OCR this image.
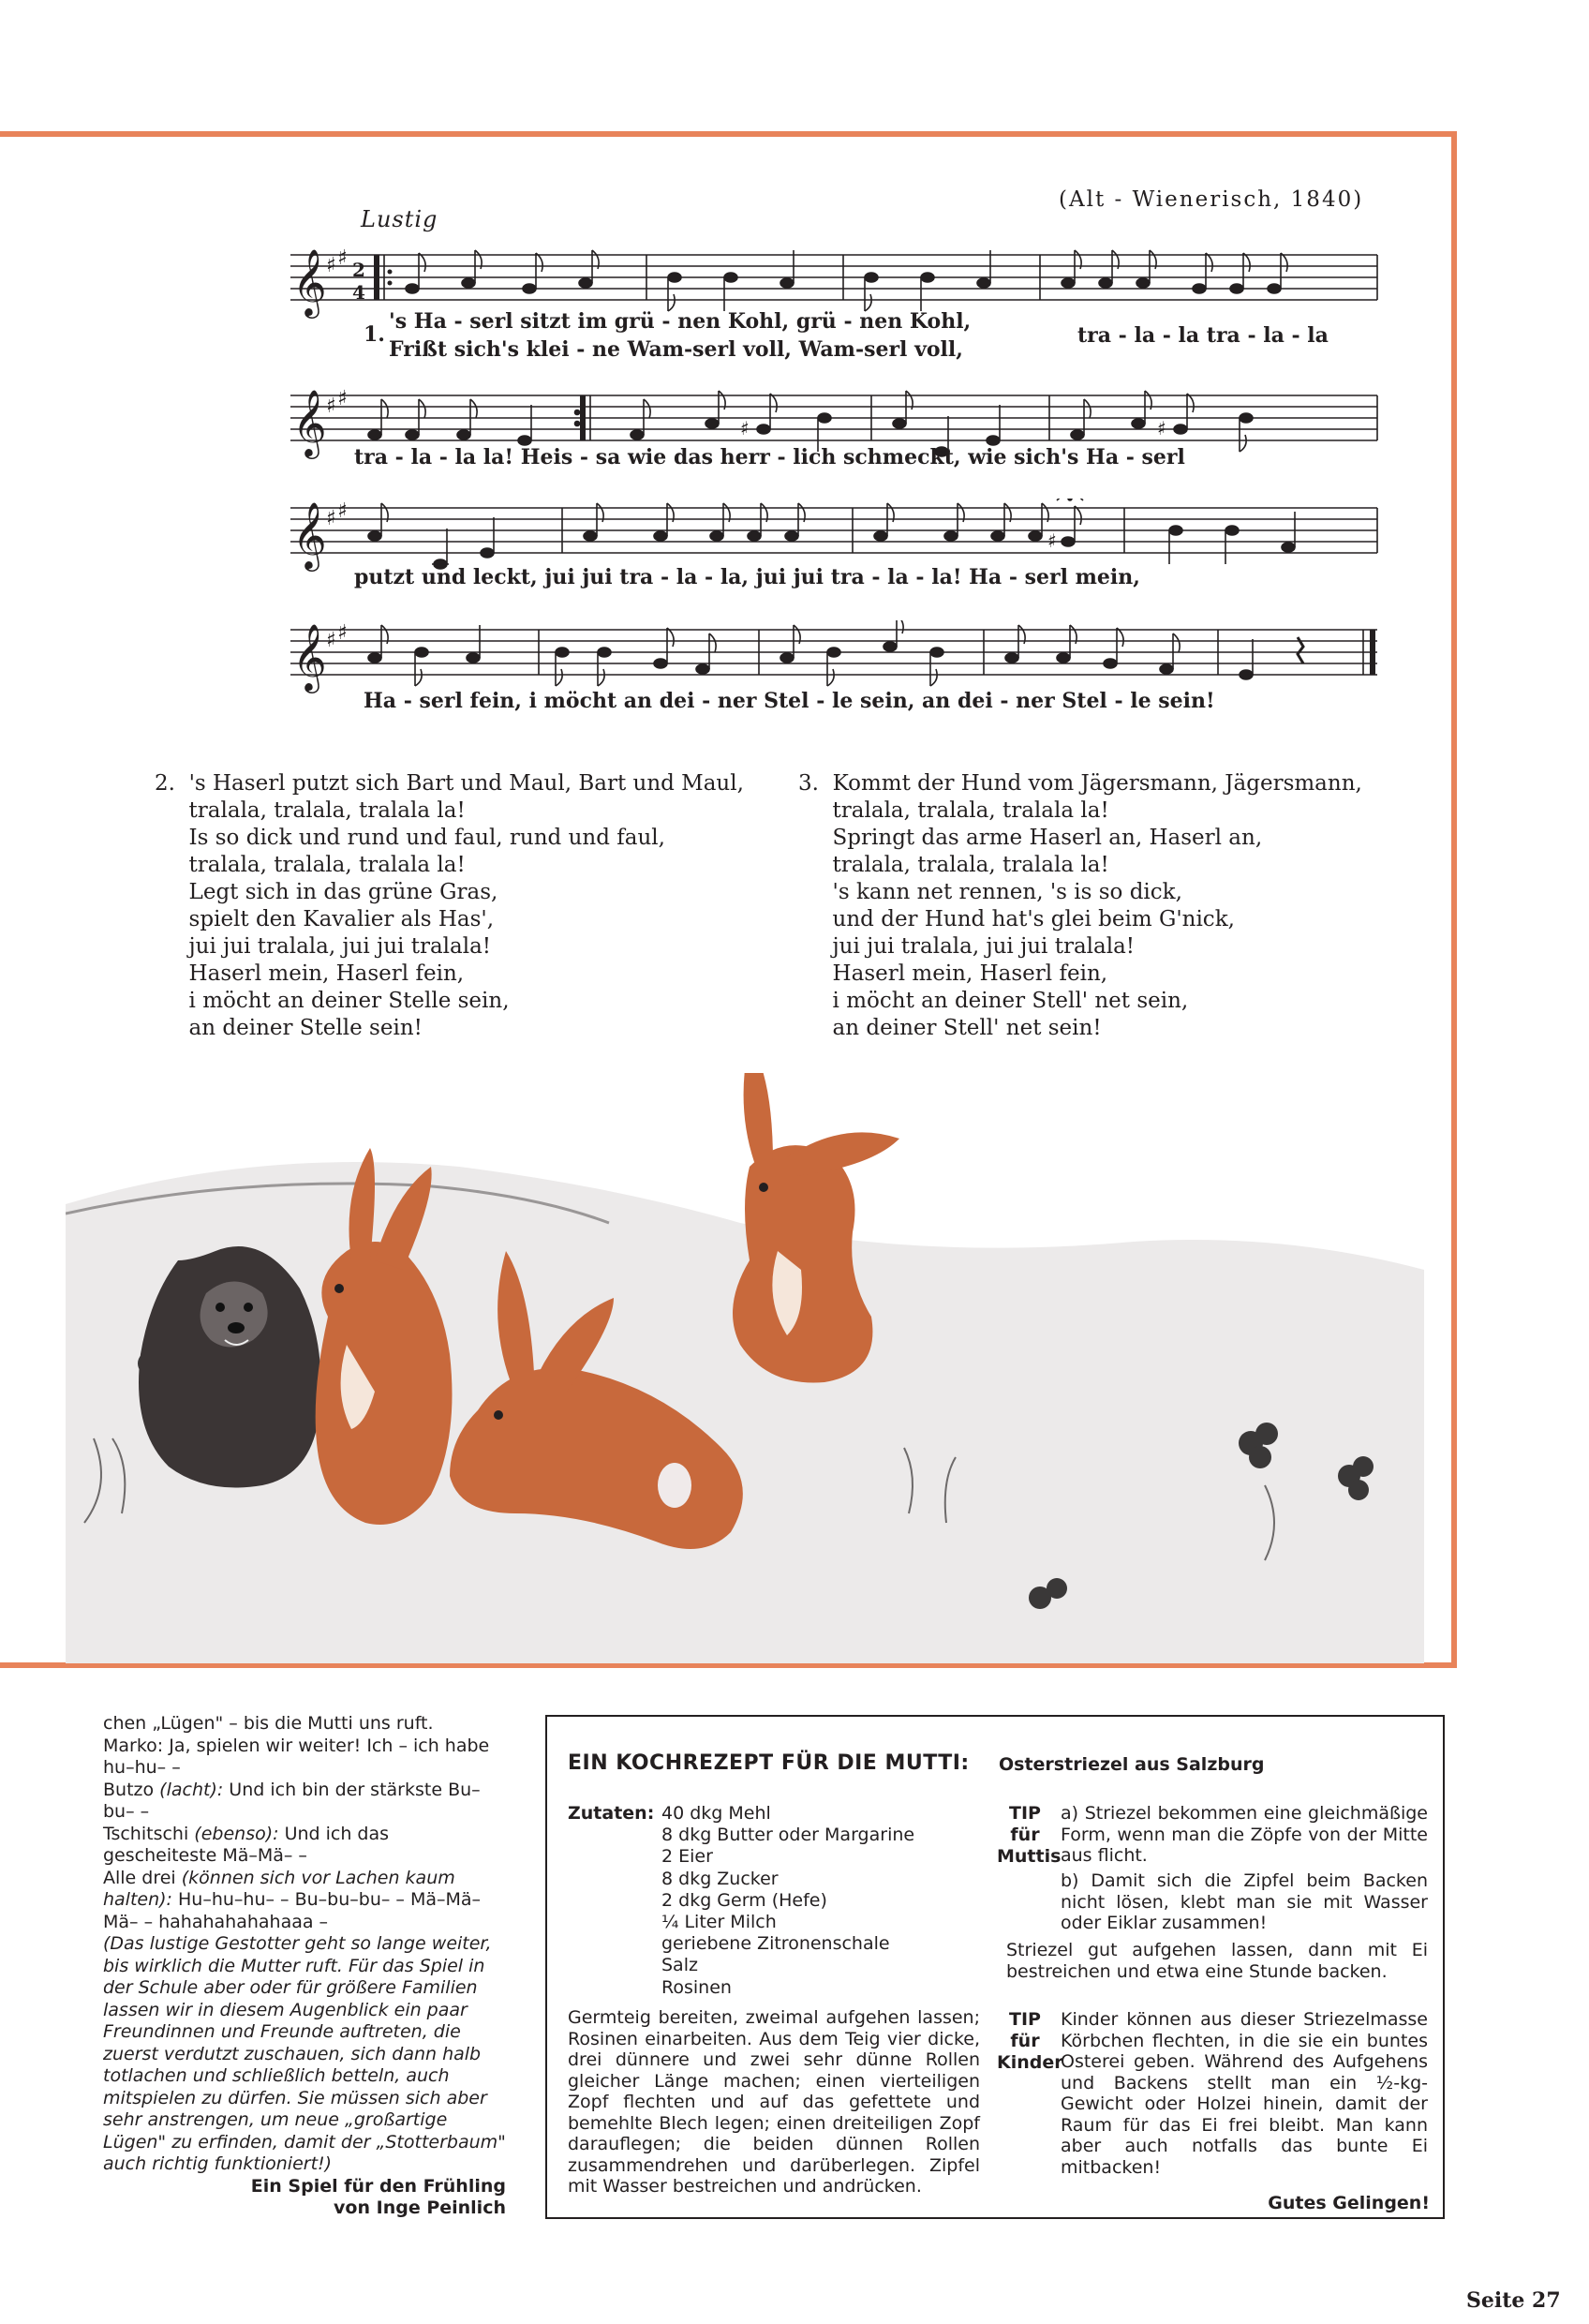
Lustig
(Alt - Wienerisch, 1840)
𝄞 ♯ ♯ 2
4
1.
's Ha - serl sitzt im grü - nen Kohl, grü - nen Kohl,
Frißt sich's klei - ne Wam-serl voll, Wam-serl voll,
tra - la - la tra - la - la
𝄞 ♯ ♯
♯	♯
tra - la - la la! Heis - sa wie das herr - lich schmeckt, wie sich's Ha - serl
𝄞 ♯ ♯
♯
putzt und leckt, jui jui tra - la - la, jui jui tra - la - la! Ha - serl mein,
𝄞 ♯ ♯
Ha - serl fein, i möcht an dei - ner Stel - le sein, an dei - ner Stel - le sein!
2.  's Haserl putzt sich Bart und Maul, Bart und Maul,
tralala, tralala, tralala la!
Is so dick und rund und faul, rund und faul,
tralala, tralala, tralala la!
Legt sich in das grüne Gras,
spielt den Kavalier als Has',
jui jui tralala, jui jui tralala!
Haserl mein, Haserl fein,
i möcht an deiner Stelle sein,
an deiner Stelle sein!
3.  Kommt der Hund vom Jägersmann, Jägersmann,
tralala, tralala, tralala la!
Springt das arme Haserl an, Haserl an,
tralala, tralala, tralala la!
's kann net rennen, 's is so dick,
und der Hund hat's glei beim G'nick,
jui jui tralala, jui jui tralala!
Haserl mein, Haserl fein,
i möcht an deiner Stell' net sein,
an deiner Stell' net sein!

chen „Lügen" – bis die Mutti uns ruft.

Marko: Ja, spielen wir weiter! Ich – ich habe hu–hu– –

Butzo (lacht): Und ich bin der stärkste Bu–bu– –

Tschitschi (ebenso): Und ich das gescheiteste Mä–Mä– –

Alle drei (können sich vor Lachen kaum halten): Hu–hu–hu– – Bu–bu–bu– – Mä–Mä–Mä– – hahahahahahaaa –

(Das lustige Gestotter geht so lange weiter, bis wirklich die Mutter ruft. Für das Spiel in der Schule aber oder für größere Familien lassen wir in diesem Augenblick ein paar Freundinnen und Freunde auftreten, die zuerst verdutzt zuschauen, sich dann halb totlachen und schließlich betteln, auch mitspielen zu dürfen. Sie müssen sich aber sehr anstrengen, um neue „großartige Lügen" zu erfinden, damit der „Stotterbaum" auch richtig funktioniert!)

Ein Spiel für den Frühling

von Inge Peinlich

EIN KOCHREZEPT FÜR DIE MUTTI: Osterstriezel aus Salzburg
Zutaten: 40 dkg Mehl
8 dkg Butter oder Margarine
2 Eier
8 dkg Zucker
2 dkg Germ (Hefe)
¼ Liter Milch
geriebene Zitronenschale
Salz
Rosinen
Germteig bereiten, zweimal aufgehen lassen; Rosinen einarbeiten. Aus dem Teig vier dicke, drei dünnere und zwei sehr dünne Rollen gleicher Länge machen; einen vierteiligen Zopf flechten und auf das gefettete und bemehlte Blech legen; einen dreiteiligen Zopf darauflegen; die beiden dünnen Rollen zusammendrehen und darüberlegen. Zipfel mit Wasser bestreichen und andrücken.
TIP
für
Muttis
a) Striezel bekommen eine gleichmäßige Form, wenn man die Zöpfe von der Mitte aus flicht.
b) Damit sich die Zipfel beim Backen nicht lösen, klebt man sie mit Wasser oder Eiklar zusammen!
Striezel gut aufgehen lassen, dann mit Ei bestreichen und etwa eine Stunde backen.
TIP
für
Kinder
Kinder können aus dieser Striezelmasse Körbchen flechten, in die sie ein buntes Osterei geben. Während des Aufgehens und Backens stellt man ein ½-kg-Gewicht oder Holzei hinein, damit der Raum für das Ei frei bleibt. Man kann aber auch notfalls das bunte Ei mitbacken!
Gutes Gelingen!
Seite 27
